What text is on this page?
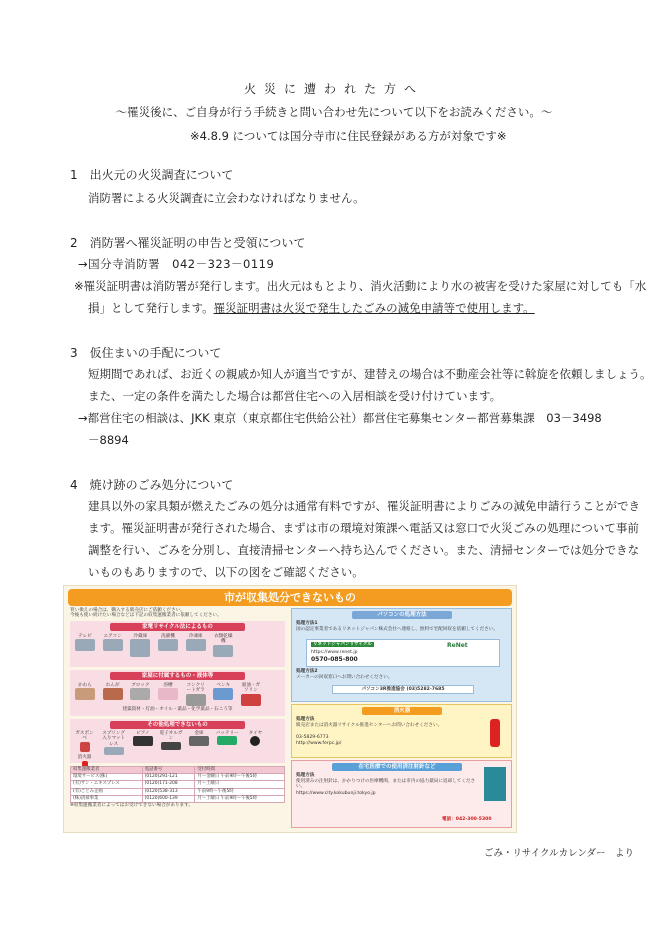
火災に遭われた方へ
～罹災後に、ご自身が行う手続きと問い合わせ先について以下をお読みください。～
※4.8.9 については国分寺市に住民登録がある方が対象です※
1　出火元の火災調査について
消防署による火災調査に立会わなければなりません。
2　消防署へ罹災証明の申告と受領について
→国分寺消防署　042－323－0119
※罹災証明書は消防署が発行します。出火元はもとより、消火活動により水の被害を受けた家屋に対しても「水
損」として発行します。罹災証明書は火災で発生したごみの減免申請等で使用します。
3　仮住まいの手配について
短期間であれば、お近くの親戚か知人が適当ですが、建替えの場合は不動産会社等に斡旋を依頼しましょう。
また、一定の条件を満たした場合は都営住宅への入居相談を受け付けています。
→都営住宅の相談は、JKK 東京（東京都住宅供給公社）都営住宅募集センター都営募集課　03－3498
－8894
4　焼け跡のごみ処分について
建具以外の家具類が燃えたごみの処分は通常有料ですが、罹災証明書によりごみの減免申請行うことができ
ます。罹災証明書が発行された場合、まずは市の環境対策課へ電話又は窓口で火災ごみの処理について事前
調整を行い、ごみを分別し、直接清掃センターへ持ち込んでください。また、清掃センターでは処分できな
いものもありますので、以下の図をご確認ください。
市が収集処分できないもの
買い換えの場合は、購入する販売店にご依頼ください。
今後も使い続けたい場合などは下記の収集運搬業者に依頼してください。
家電リサイクル法によるもの
テレビ
	エアコン
	冷蔵庫
	洗濯機
	冷凍庫
	衣類乾燥機
家屋に付属するもの・液体等
かわら
	れんが
	ブロック
	浴槽
	コンクリートガラ

ペンキ
	廃油・ガソリン
建築資材・灯油・オイル・薬品・化学薬品・石こう等
その他処理できないもの
ガスボンベ

スプリング入りマットレス

ピアノ
	電子オルガン

金庫
	バッテリー
	タイヤ

消火器
収集運搬業者	電話番号	受付時間
環境サービス(株)	(0120)291-121	月～金曜日 午前9時～午後5時
(有)サン・エキスプレス	(0120)171-208	月～土曜日
(有)ごとみ企画	(0120)538-313	午前9時～午後5時
(株)清掃事業	(0120)600-139	月～土曜日 午前9時～午後5時
※収集運搬業者によってはお受けできない場合があります。
パソコンの処理方法
処理方法1
国の認定事業者であるリネットジャパン株式会社へ連絡し、無料で宅配回収を依頼してください。
リネットジャパンリサイクル	ReNet
https://www.renet.jp
0570-085-800
処理方法2
メーカーの回収窓口へお問い合わせください。
パソコン3R推進協会 (03)5282-7685
消火器
処理方法
販売店または消火器リサイクル推進センターへお問い合わせください。
03-5829-6773
http://www.ferpc.jp/
在宅医療での使用済注射針など
処理方法
使用済みの注射針は、かかりつけの医療機関、または市内の協力薬局に返却してください。
https://www.city.kokubunji.tokyo.jp
電話：042-300-5300
ごみ・リサイクルカレンダー　より
